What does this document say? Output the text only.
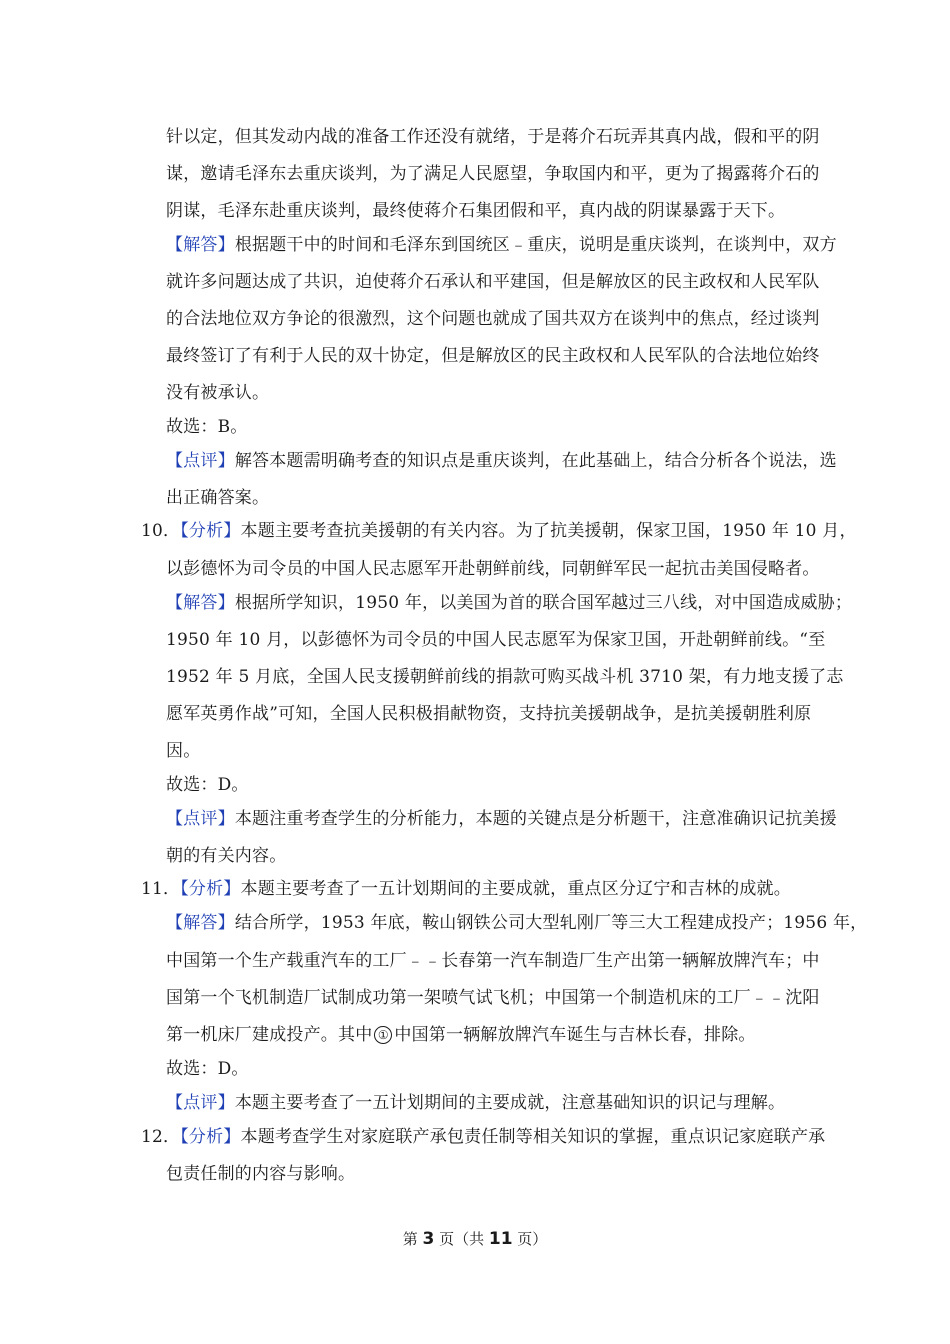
针以定，但其发动内战的准备工作还没有就绪，于是蒋介石玩弄其真内战，假和平的阴
谋，邀请毛泽东去重庆谈判，为了满足人民愿望，争取国内和平，更为了揭露蒋介石的
阴谋，毛泽东赴重庆谈判，最终使蒋介石集团假和平，真内战的阴谋暴露于天下。
【解答】根据题干中的时间和毛泽东到国统区﹣重庆，说明是重庆谈判，在谈判中，双方
就许多问题达成了共识，迫使蒋介石承认和平建国，但是解放区的民主政权和人民军队
的合法地位双方争论的很激烈，这个问题也就成了国共双方在谈判中的焦点，经过谈判
最终签订了有利于人民的双十协定，但是解放区的民主政权和人民军队的合法地位始终
没有被承认。
故选：B。
【点评】解答本题需明确考查的知识点是重庆谈判，在此基础上，结合分析各个说法，选
出正确答案。
10．【分析】本题主要考查抗美援朝的有关内容。为了抗美援朝，保家卫国，1950 年 10 月，
以彭德怀为司令员的中国人民志愿军开赴朝鲜前线，同朝鲜军民一起抗击美国侵略者。
【解答】根据所学知识，1950 年，以美国为首的联合国军越过三八线，对中国造成威胁；
1950 年 10 月，以彭德怀为司令员的中国人民志愿军为保家卫国，开赴朝鲜前线。“至
1952 年 5 月底，全国人民支援朝鲜前线的捐款可购买战斗机 3710 架，有力地支援了志
愿军英勇作战”可知，全国人民积极捐献物资，支持抗美援朝战争，是抗美援朝胜利原
因。
故选：D。
【点评】本题注重考查学生的分析能力，本题的关键点是分析题干，注意准确识记抗美援
朝的有关内容。
11．【分析】本题主要考查了一五计划期间的主要成就，重点区分辽宁和吉林的成就。
【解答】结合所学，1953 年底，鞍山钢铁公司大型轧刚厂等三大工程建成投产；1956 年，
中国第一个生产载重汽车的工厂﹣﹣长春第一汽车制造厂生产出第一辆解放牌汽车；中
国第一个飞机制造厂试制成功第一架喷气试飞机；中国第一个制造机床的工厂﹣﹣沈阳
第一机床厂建成投产。其中 ① 中国第一辆解放牌汽车诞生与吉林长春，排除。
故选：D。
【点评】本题主要考查了一五计划期间的主要成就，注意基础知识的识记与理解。
12．【分析】本题考查学生对家庭联产承包责任制等相关知识的掌握，重点识记家庭联产承
包责任制的内容与影响。
第 3 页（共 11 页）
